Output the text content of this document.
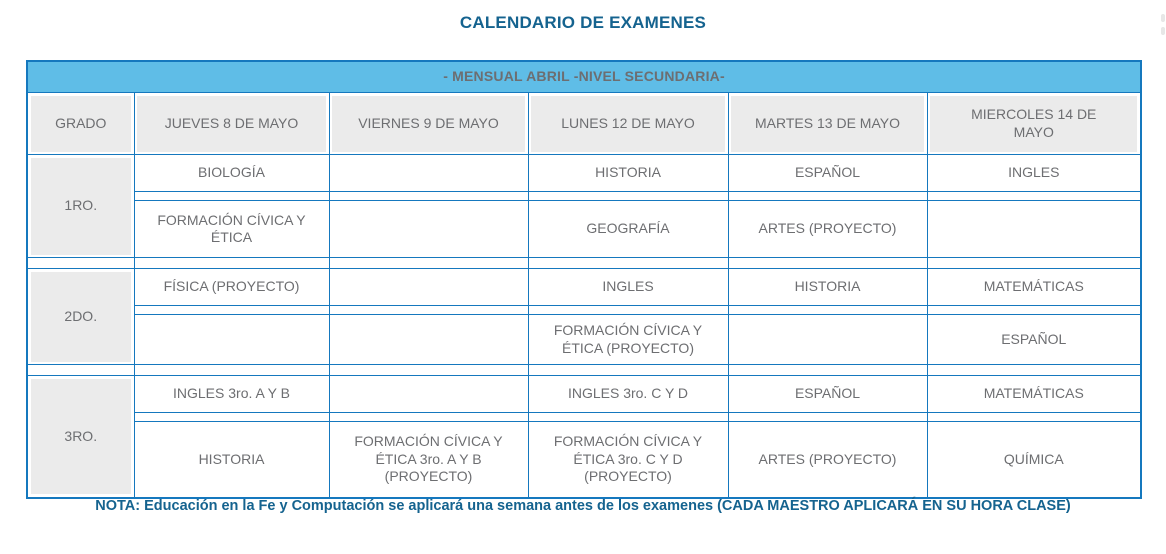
CALENDARIO DE EXAMENES
- MENSUAL ABRIL -NIVEL SECUNDARIA-					

GRADO	JUEVES 8 DE MAYO	VIERNES 9 DE MAYO	LUNES 12 DE MAYO	MARTES 13 DE MAYO	MIERCOLES 14 DE MAYO

1RO.	BIOLOGÍA		HISTORIA	ESPAÑOL	INGLES

	FORMACIÓN CÍVICA Y ÉTICA		GEOGRAFÍA	ARTES (PROYECTO)	

2DO.	FÍSICA (PROYECTO)		INGLES	HISTORIA	MATEMÁTICAS

			FORMACIÓN CÍVICA Y ÉTICA (PROYECTO)		ESPAÑOL

3RO.	INGLES 3ro. A Y B		INGLES 3ro. C Y D	ESPAÑOL	MATEMÁTICAS

	HISTORIA	FORMACIÓN CÍVICA Y ÉTICA 3ro. A Y B (PROYECTO)	FORMACIÓN CÍVICA Y ÉTICA 3ro. C Y D (PROYECTO)	ARTES (PROYECTO)	QUÍMICA
NOTA: Educación en la Fe y Computación se aplicará una semana antes de los examenes (CADA MAESTRO APLICARÁ EN SU HORA CLASE)
